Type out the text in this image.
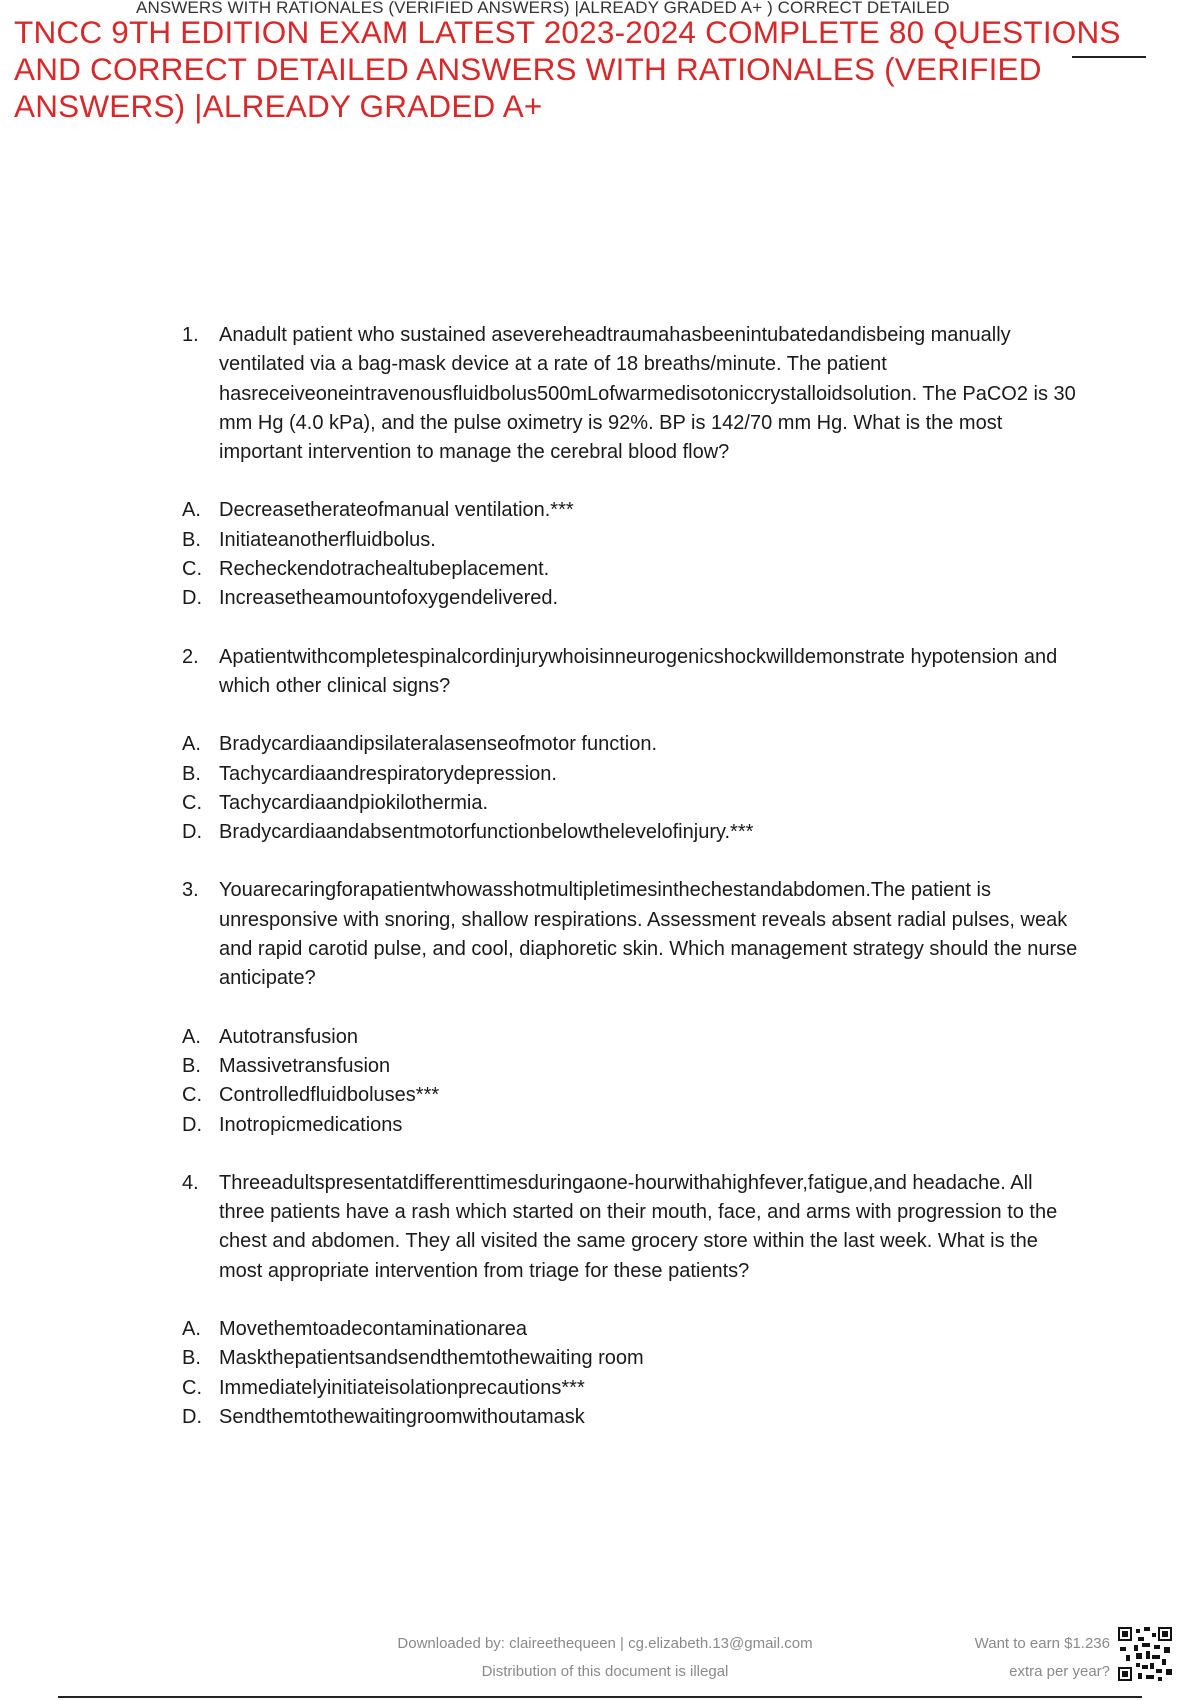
ANSWERS WITH RATIONALES (VERIFIED ANSWERS) |ALREADY GRADED A+ ) CORRECT DETAILED
TNCC 9TH EDITION EXAM LATEST 2023-2024 COMPLETE 80 QUESTIONS AND CORRECT DETAILED ANSWERS WITH RATIONALES (VERIFIED ANSWERS) |ALREADY GRADED A+
1.	Anadult patient who sustained asevereheadtraumahasbeenintubatedandisbeing manually ventilated via a bag-mask device at a rate of 18 breaths/minute. The patient hasreceiveoneintravenousfluidbolus500mLofwarmedisotoniccrystalloidsolution. The PaCO2 is 30 mm Hg (4.0 kPa), and the pulse oximetry is 92%. BP is 142/70 mm Hg. What is the most important intervention to manage the cerebral blood flow?
A. Decreasetherateofmanual ventilation.***
B. Initiateanotherfluidbolus.
C. Recheckendotrachealtubeplacement.
D. Increasetheamountofoxygendelivered.
2.	Apatientwithcompletespinalcordinjurywhoisinneurogenicshockwilldemonstrate hypotension and which other clinical signs?
A. Bradycardiaandipsilateralasenseofmotor function.
B. Tachycardiaandrespiratorydepression.
C. Tachycardiaandpiokilothermia.
D. Bradycardiaandabsentmotorfunctionbelowthelevelofinjury.***
3.	Youarecaringforapatientwhowasshotmultipletimesinthechestandabdomen.The patient is unresponsive with snoring, shallow respirations. Assessment reveals absent radial pulses, weak and rapid carotid pulse, and cool, diaphoretic skin. Which management strategy should the nurse anticipate?
A. Autotransfusion
B. Massivetransfusion
C. Controlledfluidboluses***
D. Inotropicmedications
4.	Threeadultspresentatdifferenttimesduringaone-hourwithahighfever,fatigue,and headache. All three patients have a rash which started on their mouth, face, and arms with progression to the chest and abdomen. They all visited the same grocery store within the last week. What is the most appropriate intervention from triage for these patients?
A. Movethemtoadecontaminationarea
B. Maskthepatientsandsendthemtothewaiting room
C. Immediatelyinitiateisolationprecautions***
D. Sendthemtothewaitingroomwithoutamask
Downloaded by: claireethequeen | cg.elizabeth.13@gmail.com
Distribution of this document is illegal
Want to earn $1.236
extra per year?
